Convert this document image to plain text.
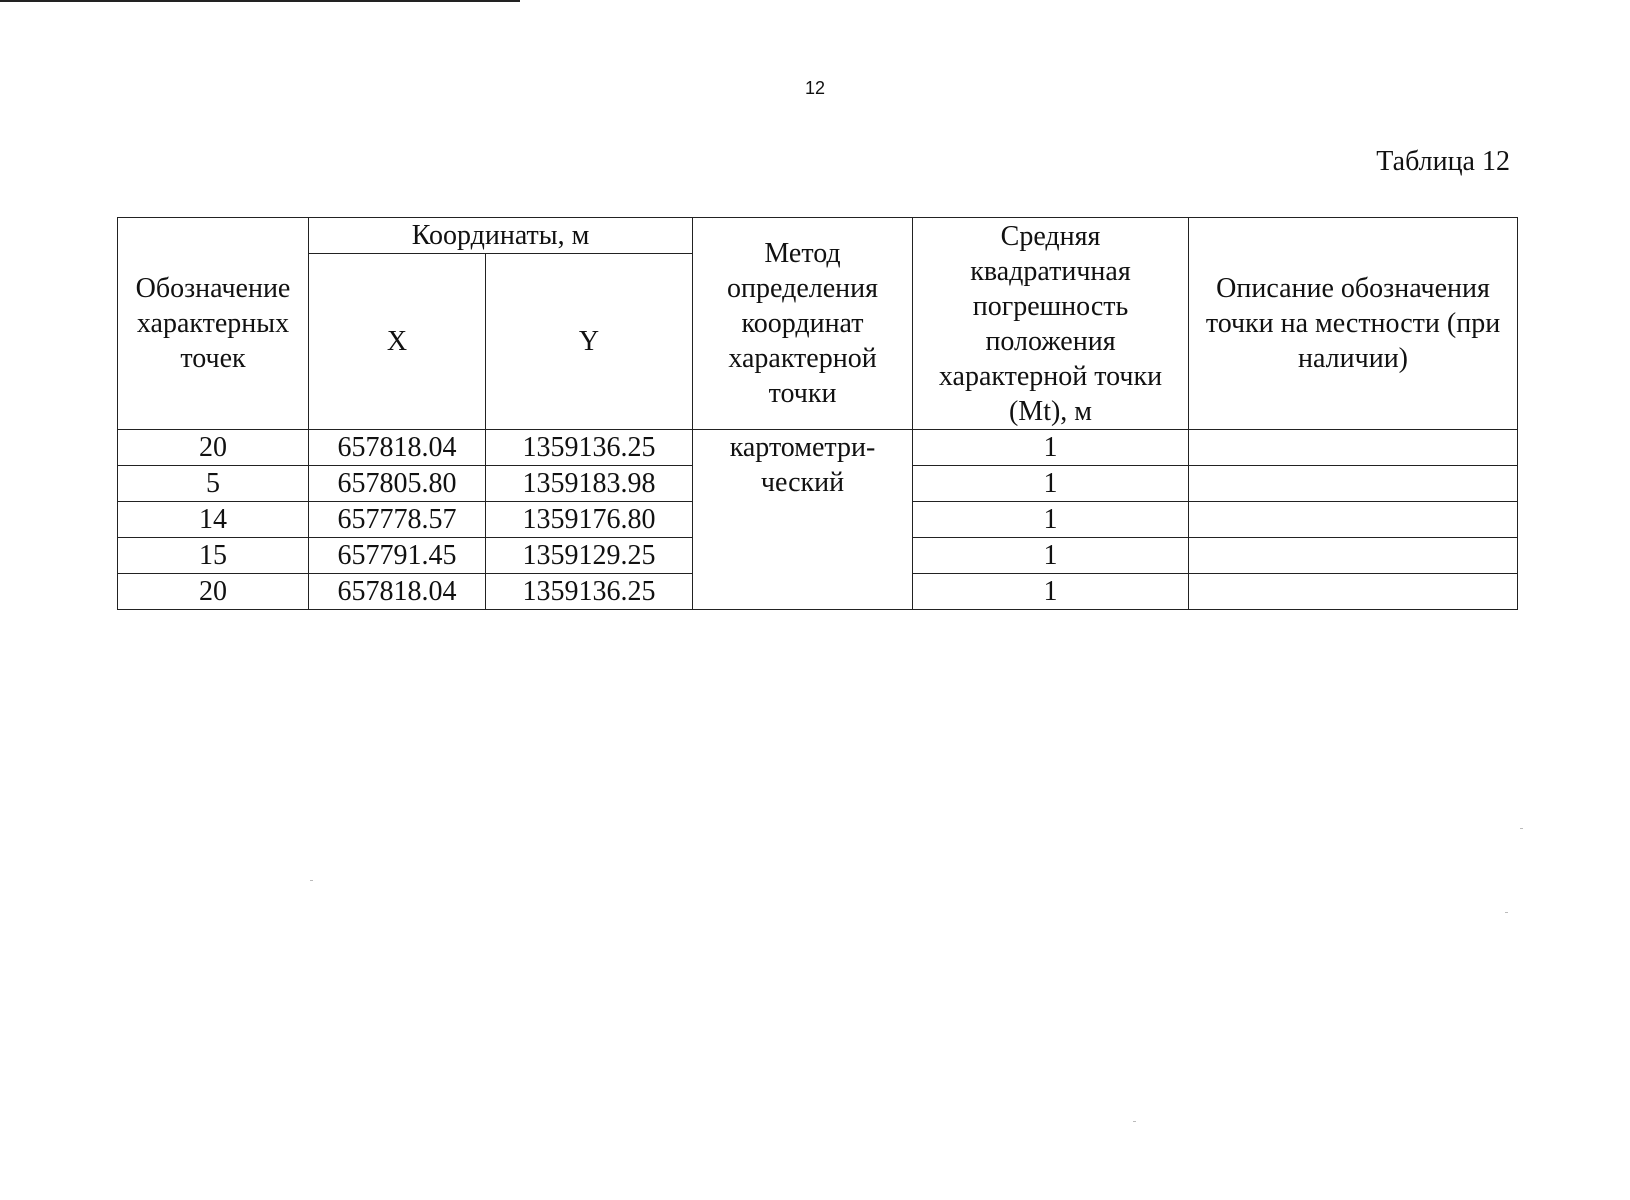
12
Таблица 12
Обозначение характерных точек	Координаты, м		Метод определения координат характерной точки	Средняя квадратичная погрешность положения характерной точки (Mt), м	Описание обозначения точки на местности (при наличии)
	X	Y			
20	657818.04	1359136.25	картометри-ческий	1	
5	657805.80	1359183.98		1	
14	657778.57	1359176.80		1	
15	657791.45	1359129.25		1	
20	657818.04	1359136.25		1	
